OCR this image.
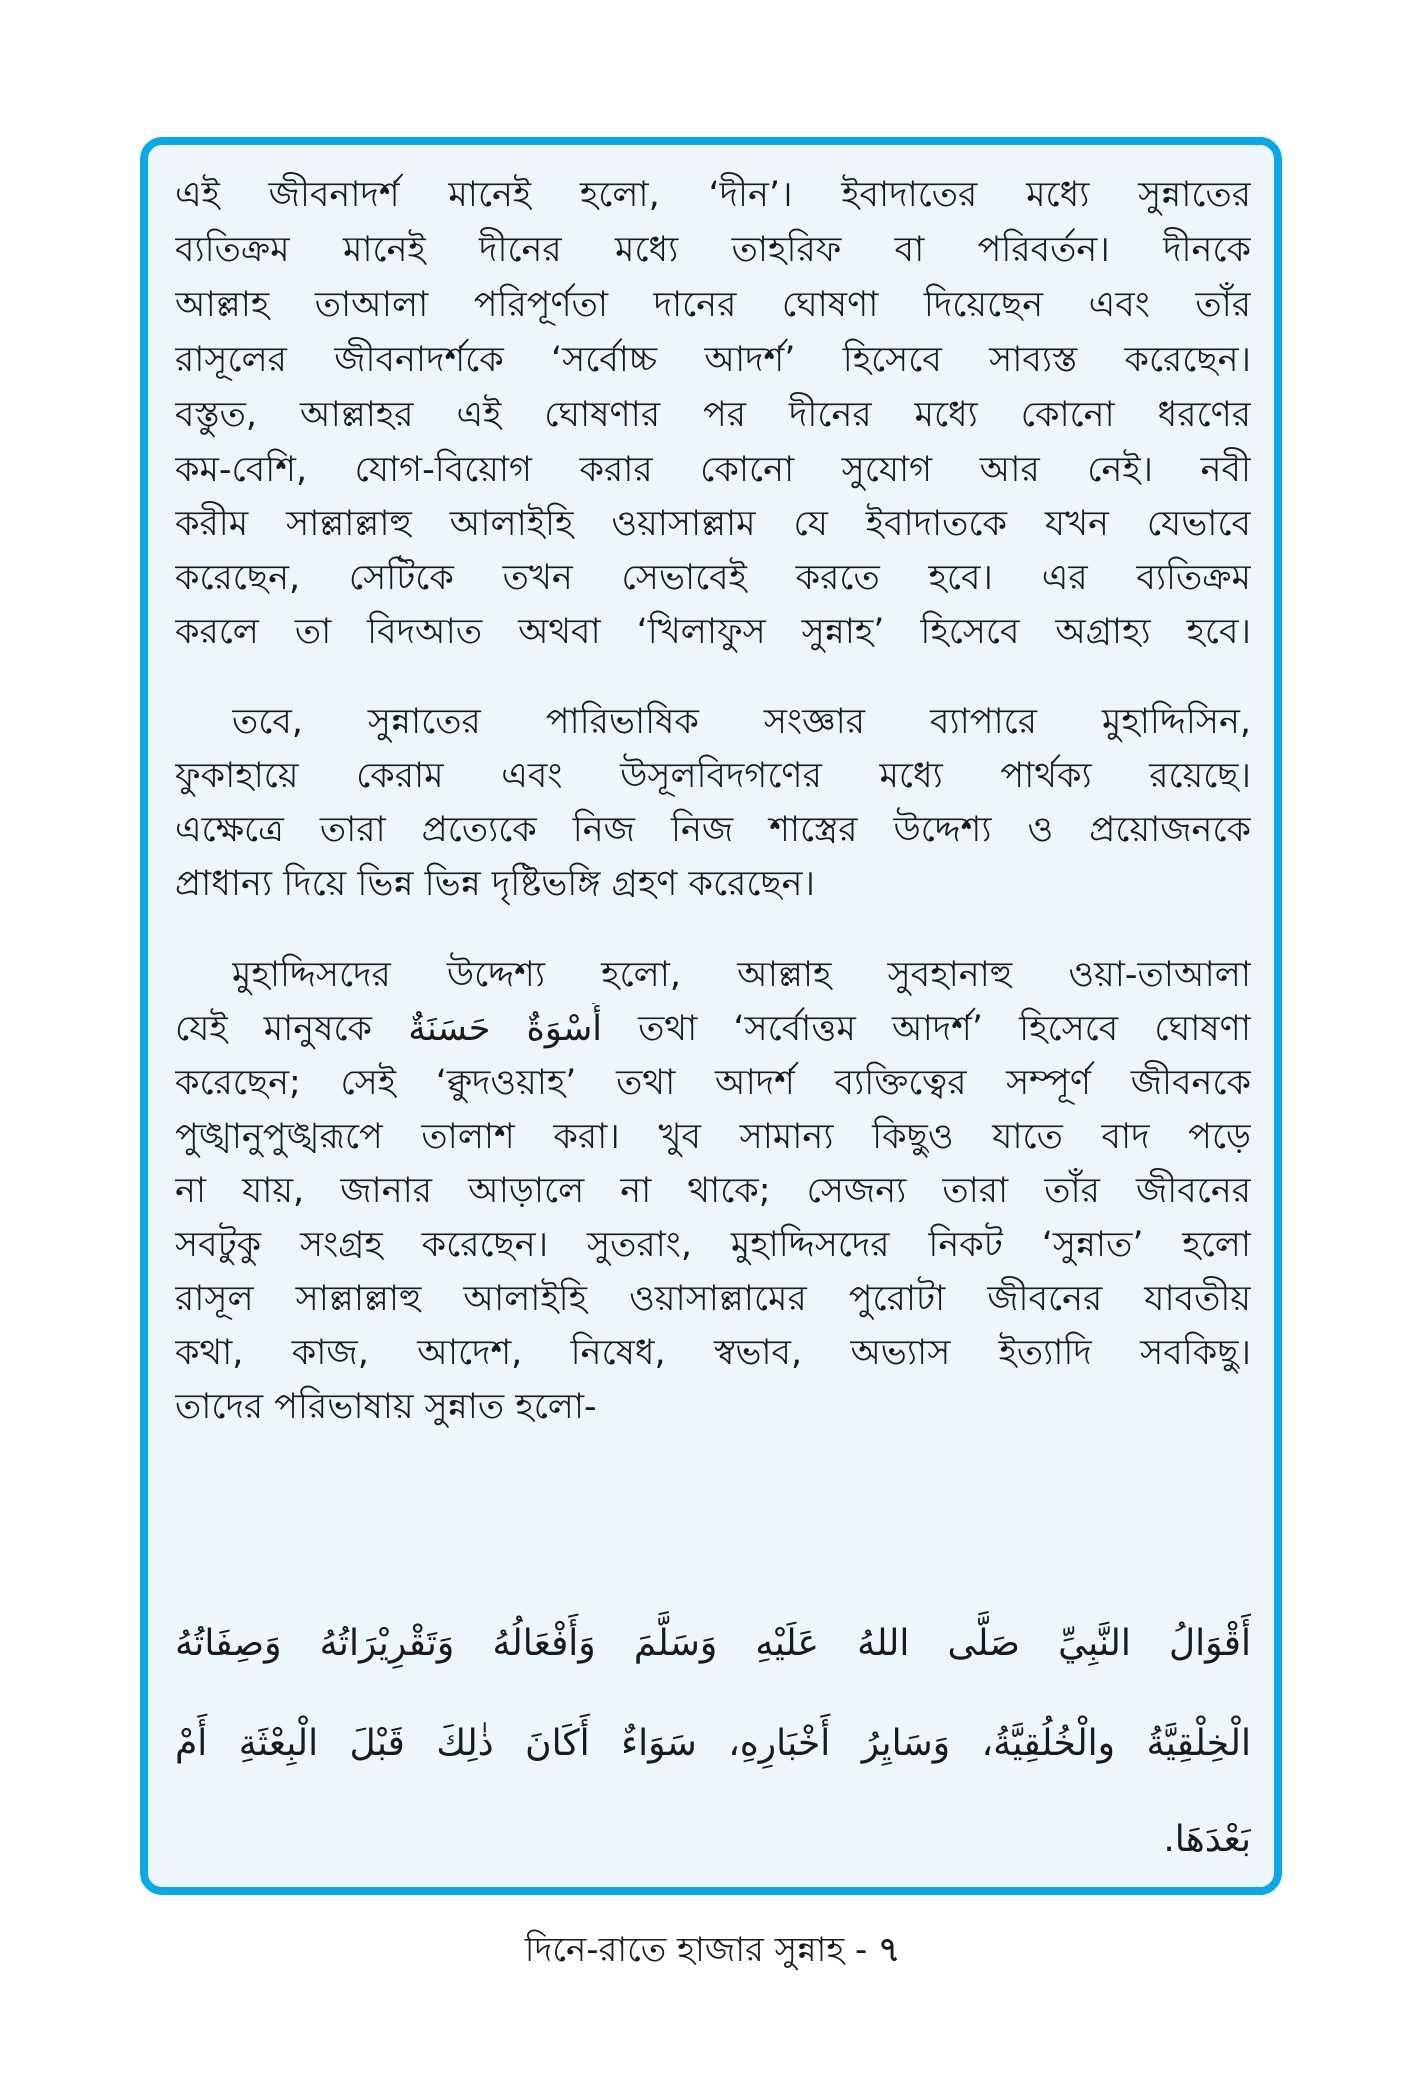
এই জীবনাদর্শ মানেই হলো, ‘দীন’। ইবাদাতের মধ্যে সুন্নাতের
ব্যতিক্রম মানেই দীনের মধ্যে তাহরিফ বা পরিবর্তন। দীনকে
আল্লাহ তাআলা পরিপূর্ণতা দানের ঘোষণা দিয়েছেন এবং তাঁর
রাসূলের জীবনাদর্শকে ‘সর্বোচ্চ আদর্শ’ হিসেবে সাব্যস্ত করেছেন।
বস্তুত, আল্লাহর এই ঘোষণার পর দীনের মধ্যে কোনো ধরণের
কম-বেশি, যোগ-বিয়োগ করার কোনো সুযোগ আর নেই। নবী
করীম সাল্লাল্লাহু আলাইহি ওয়াসাল্লাম যে ইবাদাতকে যখন যেভাবে
করেছেন, সেটিকে তখন সেভাবেই করতে হবে। এর ব্যতিক্রম
করলে তা বিদআত অথবা ‘খিলাফুস সুন্নাহ’ হিসেবে অগ্রাহ্য হবে।
তবে, সুন্নাতের পারিভাষিক সংজ্ঞার ব্যাপারে মুহাদ্দিসিন,
ফুকাহায়ে কেরাম এবং উসূলবিদগণের মধ্যে পার্থক্য রয়েছে।
এক্ষেত্রে তারা প্রত্যেকে নিজ নিজ শাস্ত্রের উদ্দেশ্য ও প্রয়োজনকে
প্রাধান্য দিয়ে ভিন্ন ভিন্ন দৃষ্টিভঙ্গি গ্রহণ করেছেন।
মুহাদ্দিসদের উদ্দেশ্য হলো, আল্লাহ সুবহানাহু ওয়া-তাআলা
যেই মানুষকে أُسْوَةٌ حَسَنَةٌ তথা ‘সর্বোত্তম আদর্শ’ হিসেবে ঘোষণা
করেছেন; সেই ‘ক্বুদওয়াহ’ তথা আদর্শ ব্যক্তিত্বের সম্পূর্ণ জীবনকে
পুঙ্খানুপুঙ্খরূপে তালাশ করা। খুব সামান্য কিছুও যাতে বাদ পড়ে
না যায়, জানার আড়ালে না থাকে; সেজন্য তারা তাঁর জীবনের
সবটুকু সংগ্রহ করেছেন। সুতরাং, মুহাদ্দিসদের নিকট ‘সুন্নাত’ হলো
রাসূল সাল্লাল্লাহু আলাইহি ওয়াসাল্লামের পুরোটা জীবনের যাবতীয়
কথা, কাজ, আদেশ, নিষেধ, স্বভাব, অভ্যাস ইত্যাদি সবকিছু।
তাদের পরিভাষায় সুন্নাত হলো-
أَقْوَالُ النَّبِيِّ صَلَّى اللهُ عَلَيْهِ وَسَلَّمَ وَأَفْعَالُهُ وَتَقْرِيْرَاتُهُ وَصِفَاتُهُ
الْخِلْقِيَّةُ والْخُلُقِيَّةُ، وَسَايِرُ أَخْبَارِهِ، سَوَاءٌ أَكَانَ ذٰلِكَ قَبْلَ الْبِعْثَةِ أَمْ
بَعْدَهَا.
দিনে-রাতে হাজার সুন্নাহ - ৭
